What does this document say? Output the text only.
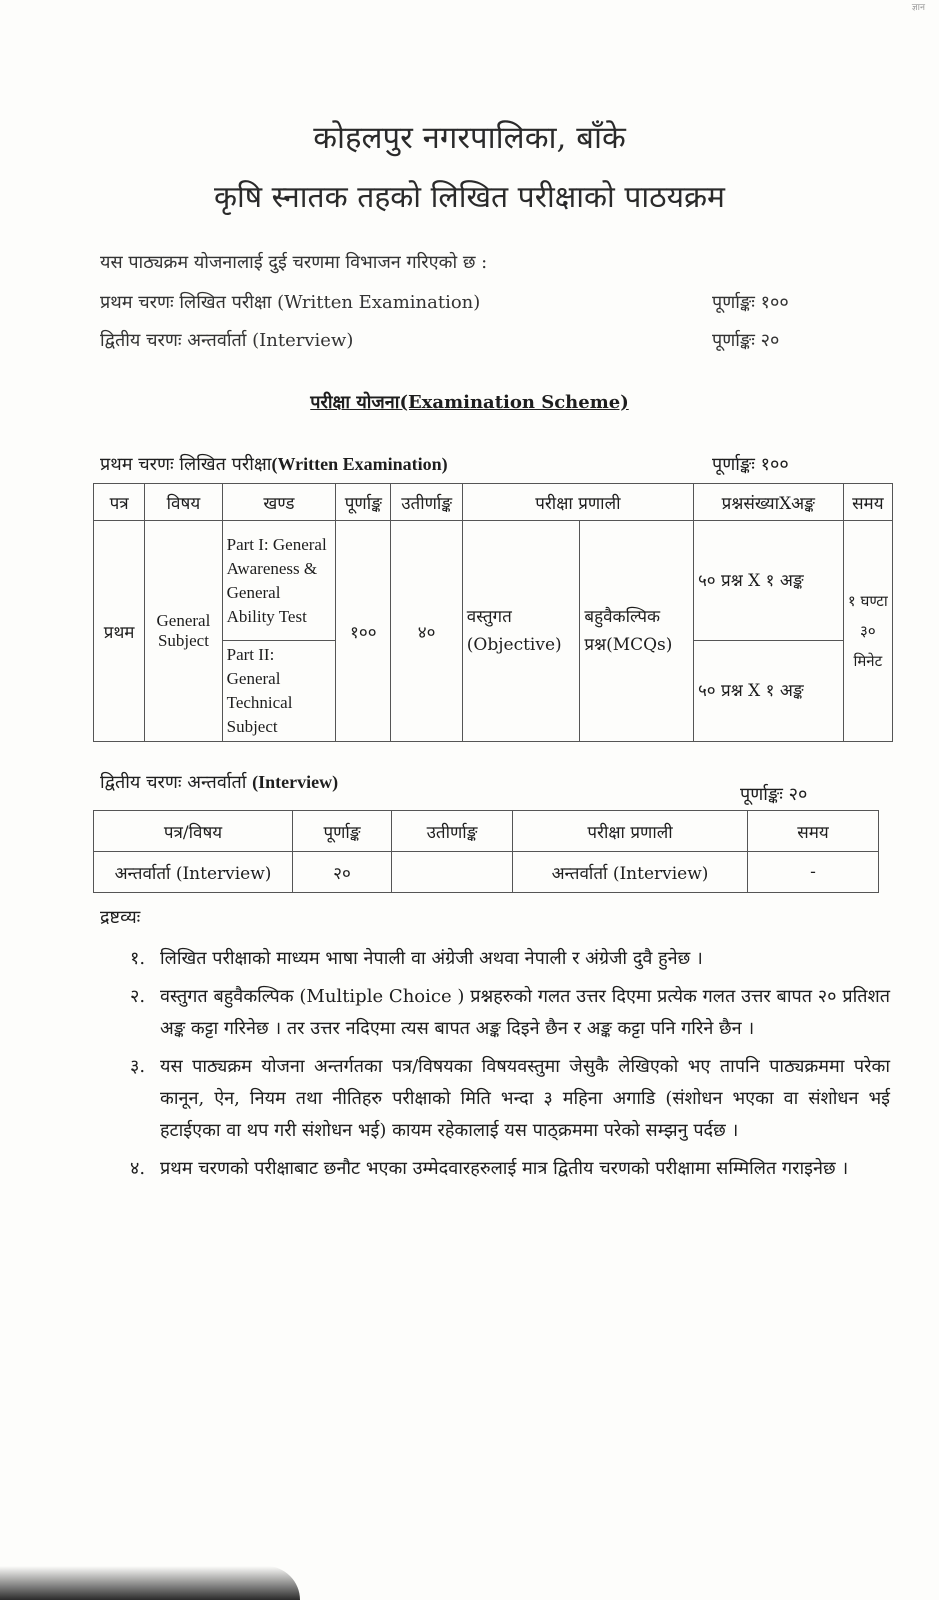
ज्ञान
कोहलपुर नगरपालिका, बाँके
कृषि स्नातक तहको लिखित परीक्षाको पाठयक्रम
यस पाठ्यक्रम योजनालाई दुई चरणमा विभाजन गरिएको छ :
प्रथम चरणः लिखित परीक्षा (Written Examination)	पूर्णाङ्कः १००
द्वितीय चरणः अन्तर्वार्ता (Interview)	पूर्णाङ्कः २०
परीक्षा योजना(Examination Scheme)
प्रथम चरणः लिखित परीक्षा(Written Examination)	पूर्णाङ्कः १००
पत्र	विषय	खण्ड	पूर्णाङ्क	उतीर्णाङ्क	परीक्षा प्रणाली		प्रश्नसंख्याXअङ्क	समय
प्रथम	General Subject	Part I: General Awareness & General Ability Test	१००	४०	वस्तुगत (Objective)	बहुवैकल्पिक प्रश्न(MCQs)	५० प्रश्न X १ अङ्क	१ घण्टा ३० मिनेट
		Part II: General Technical Subject					५० प्रश्न X १ अङ्क	
द्वितीय चरणः अन्तर्वार्ता (Interview)
पूर्णाङ्कः २०
पत्र/विषय	पूर्णाङ्क	उतीर्णाङ्क	परीक्षा प्रणाली	समय
अन्तर्वार्ता (Interview)	२०		अन्तर्वार्ता (Interview)	-
द्रष्टव्यः
१. लिखित परीक्षाको माध्यम भाषा नेपाली वा अंग्रेजी अथवा नेपाली र अंग्रेजी दुवै हुनेछ ।
२. वस्तुगत बहुवैकल्पिक (Multiple Choice ) प्रश्नहरुको गलत उत्तर दिएमा प्रत्येक गलत उत्तर बापत २० प्रतिशत अङ्क कट्टा गरिनेछ । तर उत्तर नदिएमा त्यस बापत अङ्क दिइने छैन र अङ्क कट्टा पनि गरिने छैन ।
३. यस पाठ्यक्रम योजना अन्तर्गतका पत्र/विषयका विषयवस्तुमा जेसुकै लेखिएको भए तापनि पाठ्यक्रममा परेका कानून, ऐन, नियम तथा नीतिहरु परीक्षाको मिति भन्दा ३ महिना अगाडि (संशोधन भएका वा संशोधन भई हटाईएका वा थप गरी संशोधन भई) कायम रहेकालाई यस पाठ्क्रममा परेको सम्झनु पर्दछ ।
४. प्रथम चरणको परीक्षाबाट छनौट भएका उम्मेदवारहरुलाई मात्र द्वितीय चरणको परीक्षामा सम्मिलित गराइनेछ ।
